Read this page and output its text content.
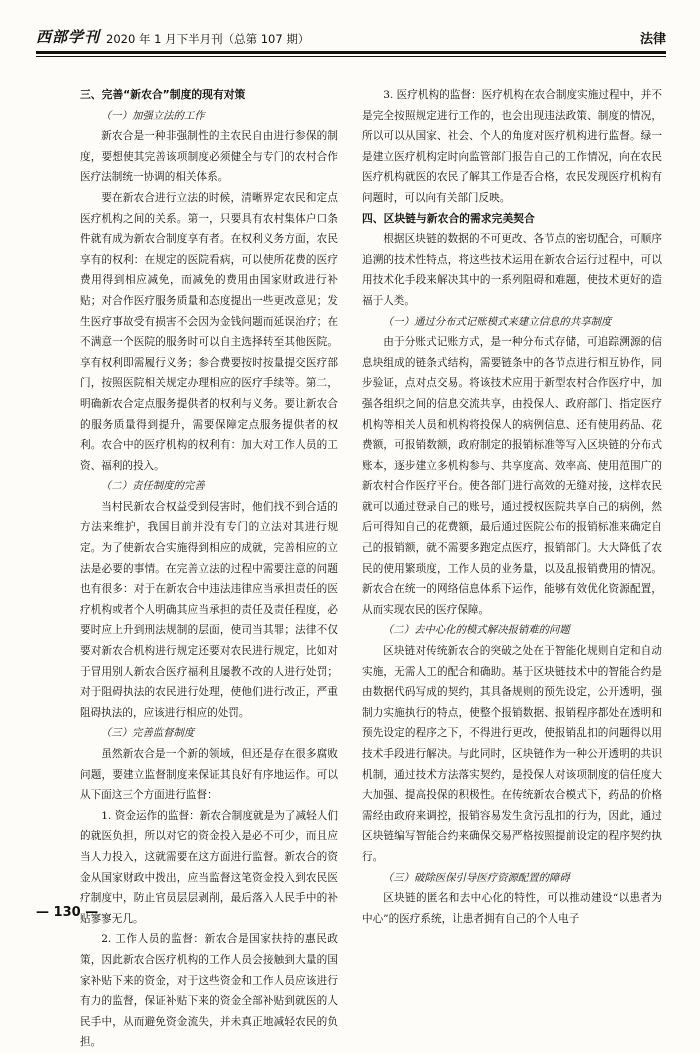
西部学刊 2020 年 1 月下半月刊（总第 107 期）	法律
三、完善“新农合”制度的现有对策
（一）加强立法的工作

新农合是一种非强制性的主农民自由进行参保的制度，要想使其完善该项制度必须健全与专门的农村合作医疗法制统一协调的相关体系。

要在新农合进行立法的时候，清晰界定农民和定点医疗机构之间的关系。第一，只要具有农村集体户口条件就有成为新农合制度享有者。在权利义务方面，农民享有的权利：在规定的医院看病，可以使所花费的医疗费用得到相应减免，而减免的费用由国家财政进行补贴；对合作医疗服务质量和态度提出一些更改意见；发生医疗事故受有损害不会因为金钱问题而延误治疗；在不满意一个医院的服务时可以自主选择转至其他医院。享有权利即需履行义务；参合费要按时按量提交医疗部门，按照医院相关规定办理相应的医疗手续等。第二，明确新农合定点服务提供者的权利与义务。要让新农合的服务质量得到提升，需要保障定点服务提供者的权利。农合中的医疗机构的权利有：加大对工作人员的工资、福利的投入。

（二）责任制度的完善

当村民新农合权益受到侵害时，他们找不到合适的方法来维护，我国目前并没有专门的立法对其进行规定。为了使新农合实施得到相应的成就，完善相应的立法是必要的事情。在完善立法的过程中需要注意的问题也有很多：对于在新农合中违法违律应当承担责任的医疗机构或者个人明确其应当承担的责任及责任程度，必要时应上升到刑法规制的层面，使司当其罪；法律不仅要对新农合机构进行规定还要对农民进行规定，比如对于冒用别人新农合医疗福利且屡教不改的人进行处罚；对于阻碍执法的农民进行处理，使他们进行改正，严重阻碍执法的，应该进行相应的处罚。

（三）完善监督制度

虽然新农合是一个新的领域，但还是存在很多腐败问题，要建立监督制度来保证其良好有序地运作。可以从下面这三个方面进行监督：

1. 资金运作的监督：新农合制度就是为了减轻人们的就医负担，所以对它的资金投入是必不可少，而且应当人力投入，这就需要在这方面进行监督。新农合的资金从国家财政中拨出，应当监督这笔资金投入到农民医疗制度中，防止官员层层剥削，最后落入人民手中的补贴寥寥无几。

2. 工作人员的监督：新农合是国家扶持的惠民政策，因此新农合医疗机构的工作人员会接触到大量的国家补贴下来的资金，对于这些资金和工作人员应该进行有力的监督，保证补贴下来的资金全部补贴到就医的人民手中，从而避免资金流失，并未真正地减轻农民的负担。

3. 医疗机构的监督：医疗机构在农合制度实施过程中，并不是完全按照规定进行工作的，也会出现违法政策、制度的情况，所以可以从国家、社会、个人的角度对医疗机构进行监督。绿一是建立医疗机构定时向监管部门报告自己的工作情况，向在农民医疗机构就医的农民了解其工作是否合格，农民发现医疗机构有问题时，可以向有关部门反映。

四、区块链与新农合的需求完美契合

根据区块链的数据的不可更改、各节点的密切配合，可顺序追溯的技术性特点，将这些技术运用在新农合运行过程中，可以用技术化手段来解决其中的一系列阻碍和难题，使技术更好的造福于人类。

（一）通过分布式记账模式来建立信息的共享制度

由于分账式记账方式，是一种分布式存储，可追踪溯源的信息块组成的链条式结构，需要链条中的各节点进行相互协作，同步验证，点对点交易。将该技术应用于新型农村合作医疗中，加强各组织之间的信息交流共享，由投保人、政府部门、指定医疗机构等相关人员和机构将投保人的病例信息、还有使用药品、花费额，可报销数额，政府制定的报销标准等写入区块链的分布式账本，逐步建立多机构参与、共享度高、效率高、使用范围广的新农村合作医疗平台。使各部门进行高效的无缝对接，这样农民就可以通过登录自己的账号，通过授权医院共享自己的病例，然后可得知自己的花费额，最后通过医院公布的报销标准来确定自己的报销额，就不需要多跑定点医疗，报销部门。大大降低了农民的使用繁琐度，工作人员的业务量，以及乱报销费用的情况。新农合在统一的网络信息体系下运作，能够有效优化资源配置，从而实现农民的医疗保障。

（二）去中心化的模式解决报销难的问题

区块链对传统新农合的突破之处在于智能化规则自定和自动实施，无需人工的配合和确助。基于区块链技术中的智能合约是由数据代码写成的契约，其具备规则的预先设定，公开透明，强制力实施执行的特点，使整个报销数据、报销程序都处在透明和预先设定的程序之下，不得进行更改，使报销乱扣的问题得以用技术手段进行解决。与此同时，区块链作为一种公开透明的共识机制，通过技术方法落实契约，是投保人对该项制度的信任度大大加强、提高投保的积极性。在传统新农合模式下，药品的价格需经由政府来调控，报销容易发生贪污乱扣的行为，因此，通过区块链编写智能合约来确保交易严格按照提前设定的程序契约执行。

（三）破除医保引导医疗资源配置的障碍

区块链的匿名和去中心化的特性，可以推动建设“以患者为中心”的医疗系统，让患者拥有自己的个人电子

— 130 —
